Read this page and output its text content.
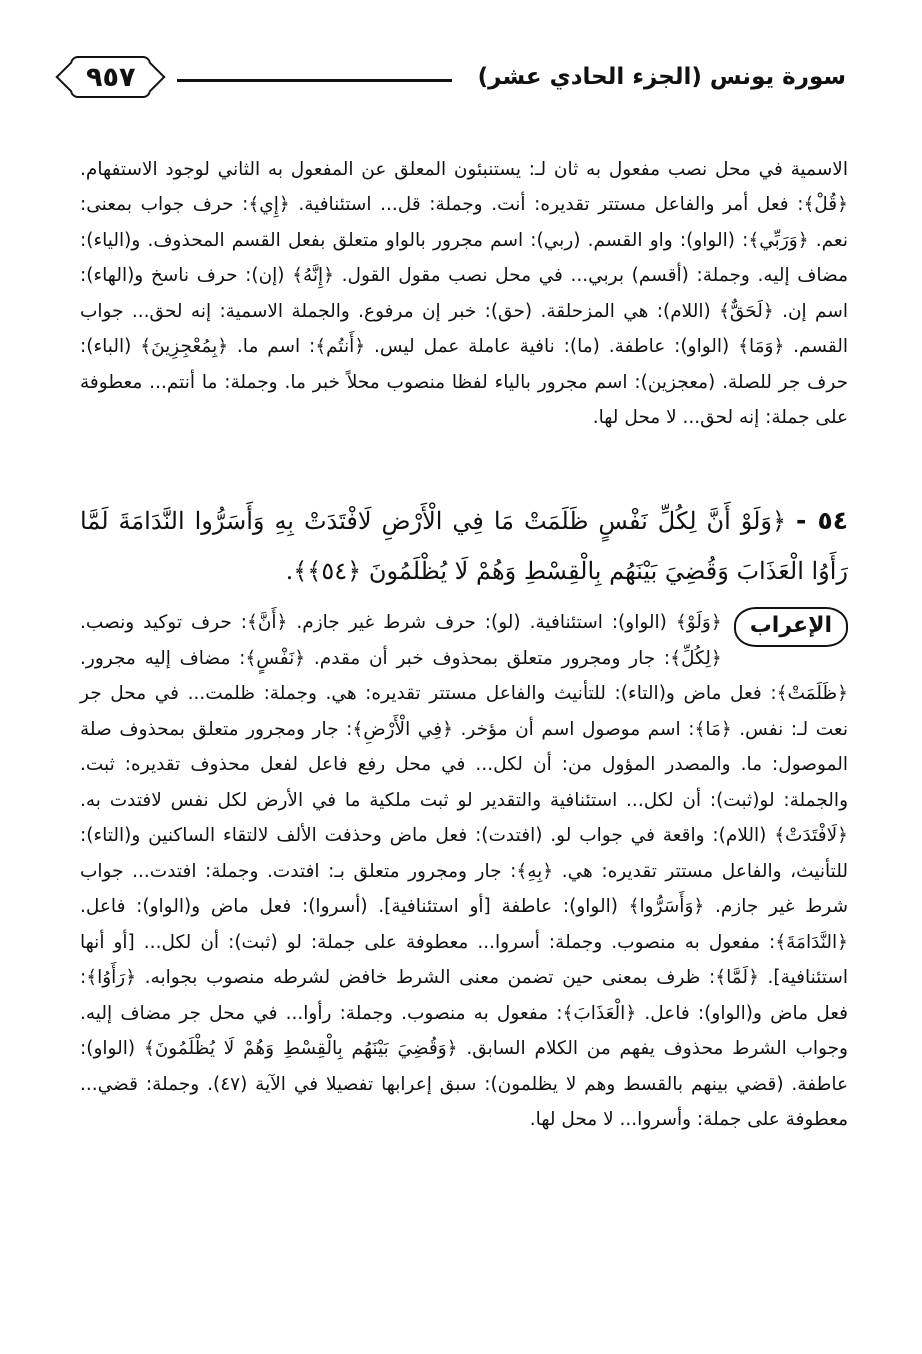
سورة يونس (الجزء الحادي عشر)
٩٥٧

الاسمية في محل نصب مفعول به ثان لـ: يستنبئون المعلق عن المفعول به الثاني لوجود الاستفهام. ﴿قُلْ﴾: فعل أمر والفاعل مستتر تقديره: أنت. وجملة: قل... استئنافية. ﴿إِي﴾: حرف جواب بمعنى: نعم. ﴿وَرَبِّي﴾: (الواو): واو القسم. (ربي): اسم مجرور بالواو متعلق بفعل القسم المحذوف. و(الياء): مضاف إليه. وجملة: (أقسم) بربي... في محل نصب مقول القول. ﴿إِنَّهُ﴾ (إن): حرف ناسخ و(الهاء): اسم إن. ﴿لَحَقٌّ﴾ (اللام): هي المزحلقة. (حق): خبر إن مرفوع. والجملة الاسمية: إنه لحق... جواب القسم. ﴿وَمَا﴾ (الواو): عاطفة. (ما): نافية عاملة عمل ليس. ﴿أَنتُم﴾: اسم ما. ﴿بِمُعْجِزِينَ﴾ (الباء): حرف جر للصلة. (معجزين): اسم مجرور بالياء لفظا منصوب محلاً خبر ما. وجملة: ما أنتم... معطوفة على جملة: إنه لحق... لا محل لها.

٥٤ - ﴿وَلَوْ أَنَّ لِكُلِّ نَفْسٍ ظَلَمَتْ مَا فِي الْأَرْضِ لَافْتَدَتْ بِهِ وَأَسَرُّوا النَّدَامَةَ لَمَّا رَأَوُا الْعَذَابَ وَقُضِيَ بَيْنَهُم بِالْقِسْطِ وَهُمْ لَا يُظْلَمُونَ ﴿٥٤﴾﴾.
الإعراب
﴿وَلَوْ﴾ (الواو): استئنافية. (لو): حرف شرط غير جازم. ﴿أَنَّ﴾: حرف توكيد ونصب. ﴿لِكُلِّ﴾: جار ومجرور متعلق بمحذوف خبر أن مقدم. ﴿نَفْسٍ﴾: مضاف إليه مجرور. ﴿ظَلَمَتْ﴾: فعل ماض و(التاء): للتأنيث والفاعل مستتر تقديره: هي. وجملة: ظلمت... في محل جر نعت لـ: نفس. ﴿مَا﴾: اسم موصول اسم أن مؤخر. ﴿فِي الْأَرْضِ﴾: جار ومجرور متعلق بمحذوف صلة الموصول: ما. والمصدر المؤول من: أن لكل... في محل رفع فاعل لفعل محذوف تقديره: ثبت. والجملة: لو(ثبت): أن لكل... استئنافية والتقدير لو ثبت ملكية ما في الأرض لكل نفس لافتدت به. ﴿لَافْتَدَتْ﴾ (اللام): واقعة في جواب لو. (افتدت): فعل ماض وحذفت الألف لالتقاء الساكنين و(التاء): للتأنيث، والفاعل مستتر تقديره: هي. ﴿بِهِ﴾: جار ومجرور متعلق بـ: افتدت. وجملة: افتدت... جواب شرط غير جازم. ﴿وَأَسَرُّوا﴾ (الواو): عاطفة [أو استئنافية]. (أسروا): فعل ماض و(الواو): فاعل. ﴿النَّدَامَةَ﴾: مفعول به منصوب. وجملة: أسروا... معطوفة على جملة: لو (ثبت): أن لكل... [أو أنها استئنافية]. ﴿لَمَّا﴾: ظرف بمعنى حين تضمن معنى الشرط خافض لشرطه منصوب بجوابه. ﴿رَأَوُا﴾: فعل ماض و(الواو): فاعل. ﴿الْعَذَابَ﴾: مفعول به منصوب. وجملة: رأوا... في محل جر مضاف إليه. وجواب الشرط محذوف يفهم من الكلام السابق. ﴿وَقُضِيَ بَيْنَهُم بِالْقِسْطِ وَهُمْ لَا يُظْلَمُونَ﴾ (الواو): عاطفة. (قضي بينهم بالقسط وهم لا يظلمون): سبق إعرابها تفصيلا في الآية (٤٧). وجملة: قضي... معطوفة على جملة: وأسروا... لا محل لها.
